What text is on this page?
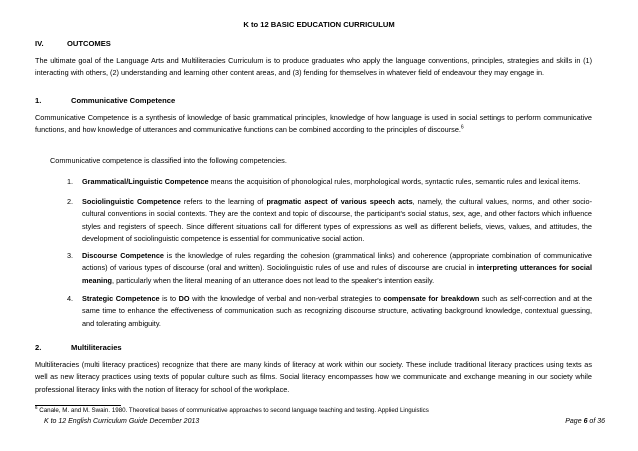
K to 12 BASIC EDUCATION CURRICULUM
IV.	OUTCOMES
The ultimate goal of the Language Arts and Multiliteracies Curriculum is to produce graduates who apply the language conventions, principles, strategies and skills in (1) interacting with others, (2) understanding and learning other content areas, and (3) fending for themselves in whatever field of endeavour they may engage in.
1.	Communicative Competence
Communicative Competence is a synthesis of knowledge of basic grammatical principles, knowledge of how language is used in social settings to perform communicative functions, and how knowledge of utterances and communicative functions can be combined according to the principles of discourse.$^6$
Communicative competence is classified into the following competencies.
1. Grammatical/Linguistic Competence means the acquisition of phonological rules, morphological words, syntactic rules, semantic rules and lexical items.
2. Sociolinguistic Competence refers to the learning of pragmatic aspect of various speech acts, namely, the cultural values, norms, and other socio-cultural conventions in social contexts. They are the context and topic of discourse, the participant's social status, sex, age, and other factors which influence styles and registers of speech. Since different situations call for different types of expressions as well as different beliefs, views, values, and attitudes, the development of sociolinguistic competence is essential for communicative social action.
3. Discourse Competence is the knowledge of rules regarding the cohesion (grammatical links) and coherence (appropriate combination of communicative actions) of various types of discourse (oral and written). Sociolinguistic rules of use and rules of discourse are crucial in interpreting utterances for social meaning, particularly when the literal meaning of an utterance does not lead to the speaker's intention easily.
4. Strategic Competence is to DO with the knowledge of verbal and non-verbal strategies to compensate for breakdown such as self-correction and at the same time to enhance the effectiveness of communication such as recognizing discourse structure, activating background knowledge, contextual guessing, and tolerating ambiguity.
2.	Multiliteracies
Multiliteracies (multi literacy practices) recognize that there are many kinds of literacy at work within our society. These include traditional literacy practices using texts as well as new literacy practices using texts of popular culture such as films. Social literacy encompasses how we communicate and exchange meaning in our society while professional literacy links with the notion of literacy for school of the workplace.
$^6$ Canale, M. and M. Swain. 1980. Theoretical bases of communicative approaches to second language teaching and testing. Applied Linguistics
K to 12 English Curriculum Guide December 2013	Page 6 of 36
